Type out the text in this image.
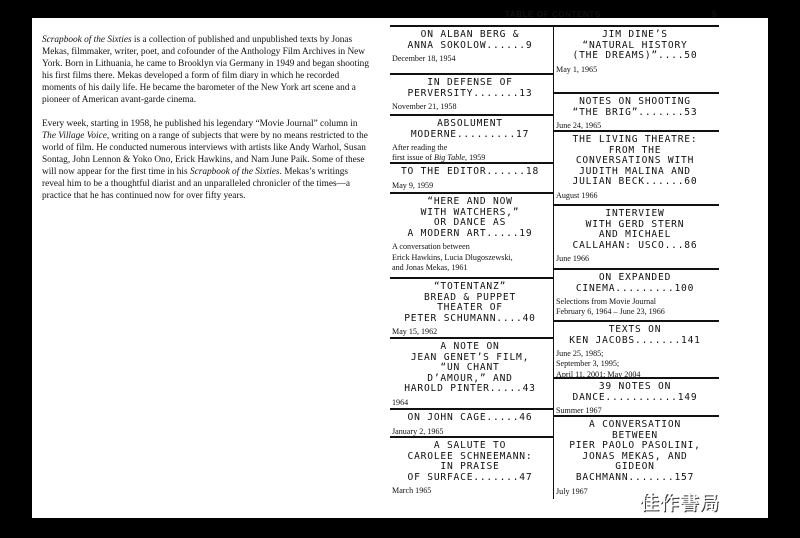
Scrapbook of the Sixties is a collection of published and unpublished texts by Jonas Mekas, filmmaker, writer, poet, and cofounder of the Anthology Film Archives in New York. Born in Lithuania, he came to Brooklyn via Germany in 1949 and began shooting his first films there. Mekas developed a form of film diary in which he recorded moments of his daily life. He became the barometer of the New York art scene and a pioneer of American avant-garde cinema.

Every week, starting in 1958, he published his legendary “Movie Journal” column in The Village Voice, writing on a range of subjects that were by no means restricted to the world of film. He conducted numerous interviews with artists like Andy Warhol, Susan Sontag, John Lennon & Yoko Ono, Erick Hawkins, and Nam June Paik. Some of these will now appear for the first time in his Scrapbook of the Sixties. Mekas’s writings reveal him to be a thoughtful diarist and an unparalleled chronicler of the times—a practice that he has continued now for over fifty years.

TABLE OF CONTENTS	5
ON ALBAN BERG &
ANNA SOKOLOW......9
December 18, 1954
IN DEFENSE OF
PERVERSITY.......13
November 21, 1958
ABSOLUMENT
MODERNE.........17
After reading the
first issue of Big Table, 1959
TO THE EDITOR......18
May 9, 1959
“HERE AND NOW
WITH WATCHERS,”
OR DANCE AS
A MODERN ART.....19
A conversation between
Erick Hawkins, Lucia Dlugoszewski,
and Jonas Mekas, 1961
“TOTENTANZ”
BREAD & PUPPET
THEATER OF
PETER SCHUMANN....40
May 15, 1962
A NOTE ON
JEAN GENET’S FILM,
“UN CHANT
D’AMOUR,” AND
HAROLD PINTER.....43
1964
ON JOHN CAGE.....46
January 2, 1965
A SALUTE TO
CAROLEE SCHNEEMANN:
IN PRAISE
OF SURFACE.......47
March 1965
JIM DINE’S
“NATURAL HISTORY
(THE DREAMS)”....50
May 1, 1965
NOTES ON SHOOTING
“THE BRIG”.......53
June 24, 1965
THE LIVING THEATRE:
FROM THE
CONVERSATIONS WITH
JUDITH MALINA AND
JULIAN BECK......60
August 1966
INTERVIEW
WITH GERD STERN
AND MICHAEL
CALLAHAN: USCO...86
June 1966
ON EXPANDED
CINEMA.........100
Selections from Movie Journal
February 6, 1964 – June 23, 1966
TEXTS ON
KEN JACOBS.......141
June 25, 1985;
September 3, 1995;
April 11, 2001; May 2004
39 NOTES ON
DANCE...........149
Summer 1967
A CONVERSATION
BETWEEN
PIER PAOLO PASOLINI,
JONAS MEKAS, AND
GIDEON
BACHMANN.......157
July 1967
佳作書局
